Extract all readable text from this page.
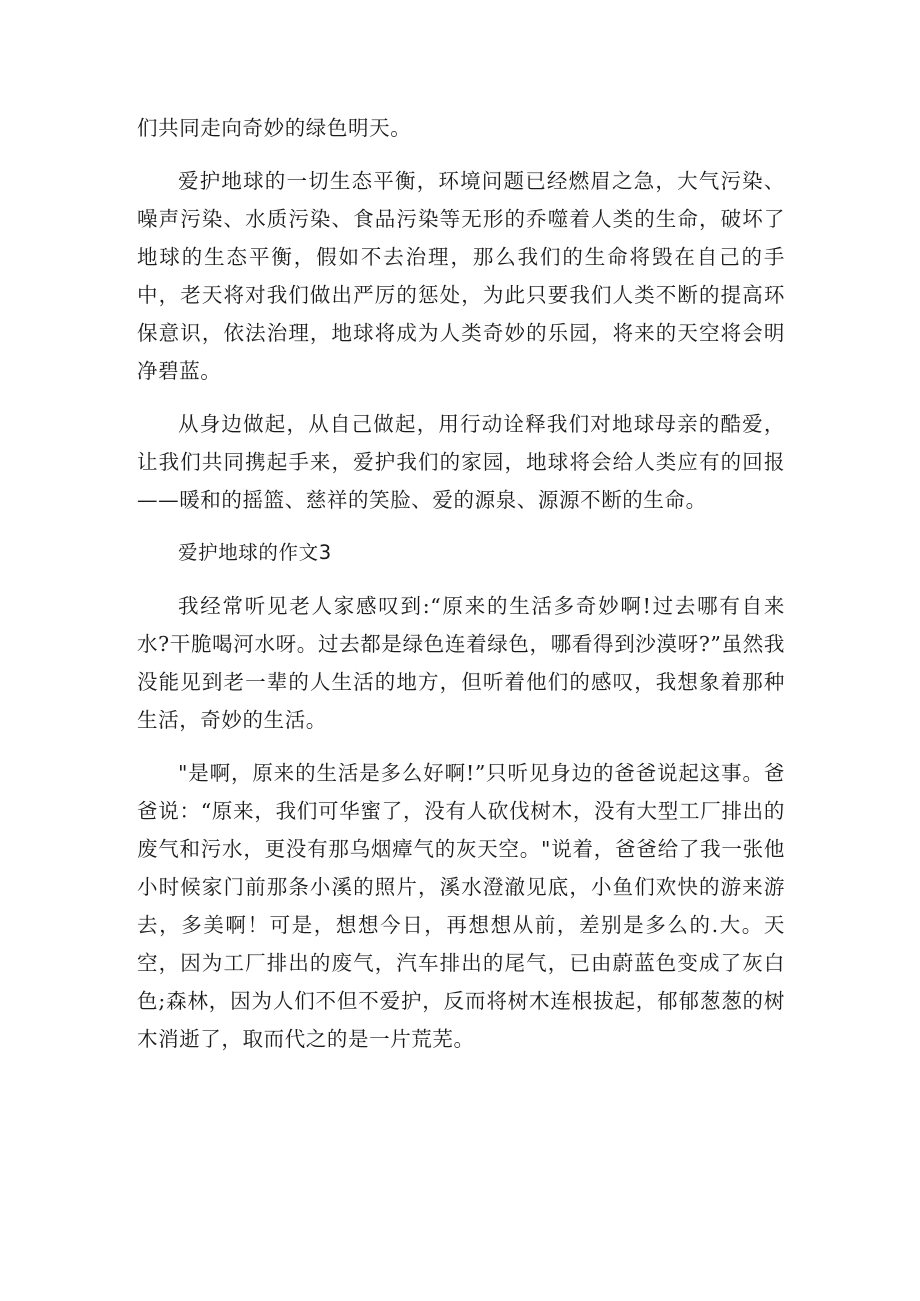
们共同走向奇妙的绿色明天。

爱护地球的一切生态平衡，环境问题已经燃眉之急，大气污染、噪声污染、水质污染、食品污染等无形的乔噬着人类的生命，破坏了地球的生态平衡，假如不去治理，那么我们的生命将毁在自己的手中，老天将对我们做出严厉的惩处，为此只要我们人类不断的提高环保意识，依法治理，地球将成为人类奇妙的乐园，将来的天空将会明净碧蓝。

从身边做起，从自己做起，用行动诠释我们对地球母亲的酷爱，让我们共同携起手来，爱护我们的家园，地球将会给人类应有的回报——暖和的摇篮、慈祥的笑脸、爱的源泉、源源不断的生命。

爱护地球的作文3

我经常听见老人家感叹到:“原来的生活多奇妙啊!过去哪有自来水?干脆喝河水呀。过去都是绿色连着绿色，哪看得到沙漠呀?”虽然我没能见到老一辈的人生活的地方，但听着他们的感叹，我想象着那种生活，奇妙的生活。

"是啊，原来的生活是多么好啊!”只听见身边的爸爸说起这事。爸爸说：“原来，我们可华蜜了，没有人砍伐树木，没有大型工厂排出的废气和污水，更没有那乌烟瘴气的灰天空。"说着，爸爸给了我一张他小时候家门前那条小溪的照片，溪水澄澈见底，小鱼们欢快的游来游去，多美啊！可是，想想今日，再想想从前，差别是多么的.大。天空，因为工厂排出的废气，汽车排出的尾气，已由蔚蓝色变成了灰白色;森林，因为人们不但不爱护，反而将树木连根拔起，郁郁葱葱的树木消逝了，取而代之的是一片荒芜。
